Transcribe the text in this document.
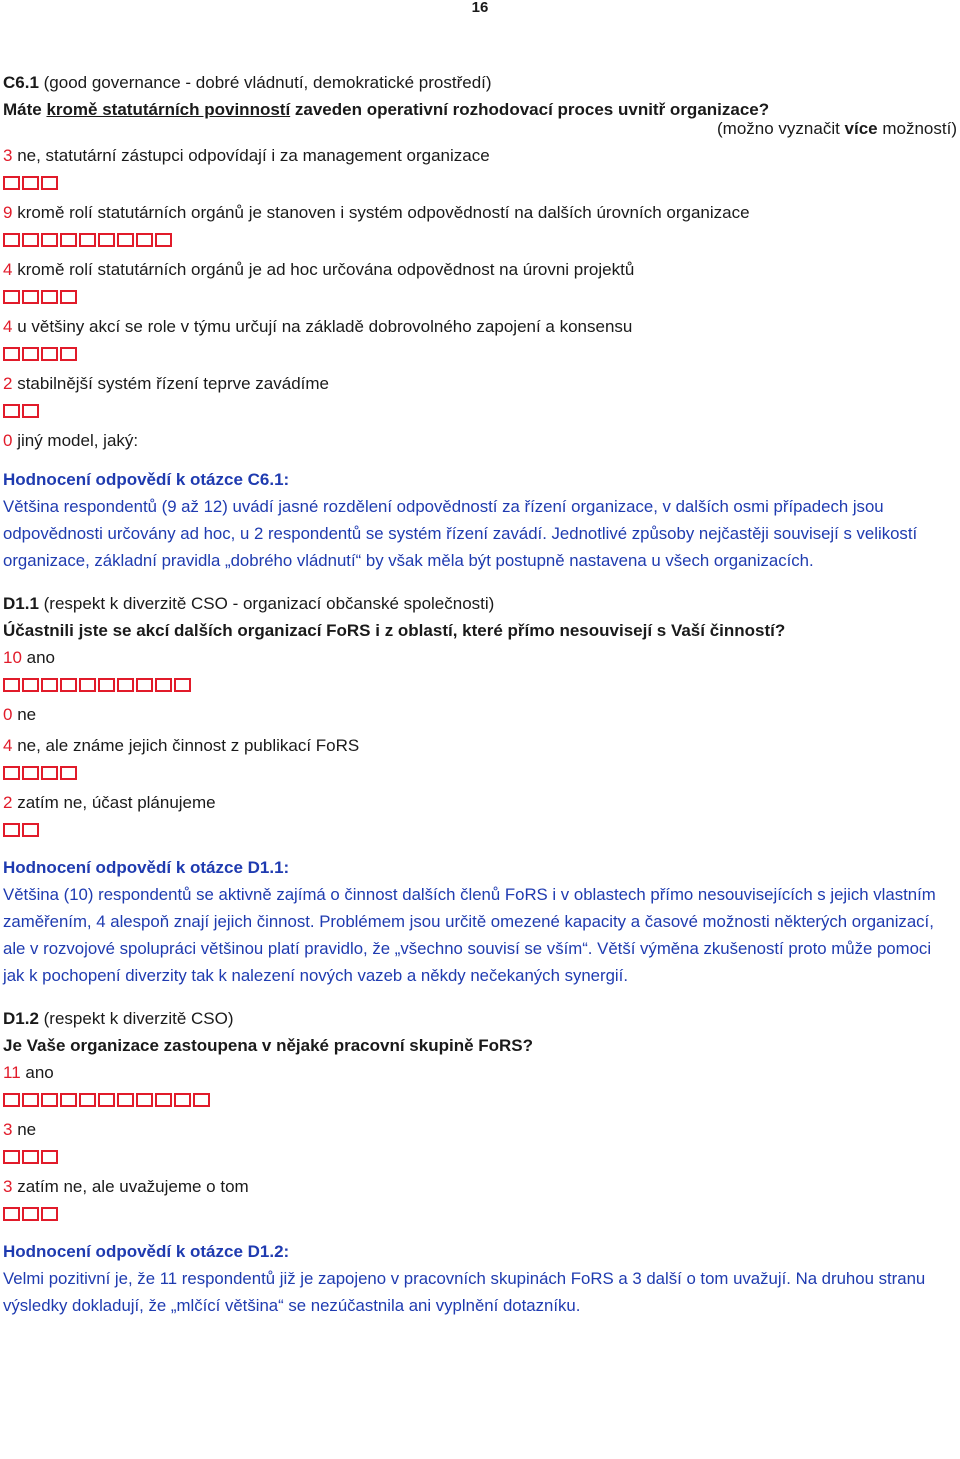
16
C6.1 (good governance - dobré vládnutí, demokratické prostředí)
Máte kromě statutárních povinností zaveden operativní rozhodovací proces uvnitř organizace?
(možno vyznačit více možností)
3 ne, statutární zástupci odpovídají i za management organizace
9 kromě rolí statutárních orgánů je stanoven i systém odpovědností na dalších úrovních organizace
4 kromě rolí statutárních orgánů je ad hoc určována odpovědnost na úrovni projektů
4 u většiny akcí se role v týmu určují na základě dobrovolného zapojení a konsensu
2 stabilnější systém řízení teprve zavádíme
0 jiný model, jaký:
Hodnocení odpovědí k otázce C6.1:
Většina respondentů (9 až 12) uvádí jasné rozdělení odpovědností za řízení organizace, v dalších osmi případech jsou odpovědnosti určovány ad hoc, u 2 respondentů se systém řízení zavádí. Jednotlivé způsoby nejčastěji souvisejí s velikostí organizace, základní pravidla „dobrého vládnutí“ by však měla být postupně nastavena u všech organizacích.
D1.1 (respekt k diverzitě CSO - organizací občanské společnosti)
Účastnili jste se akcí dalších organizací FoRS i z oblastí, které přímo nesouvisejí s Vaší činností?
10 ano
0 ne
4 ne, ale známe jejich činnost z publikací FoRS
2 zatím ne, účast plánujeme
Hodnocení odpovědí k otázce D1.1:
Většina (10) respondentů se aktivně zajímá o činnost dalších členů FoRS i v oblastech přímo nesouvisejících s jejich vlastním zaměřením, 4 alespoň znají jejich činnost. Problémem jsou určitě omezené kapacity a časové možnosti některých organizací, ale v rozvojové spolupráci většinou platí pravidlo, že „všechno souvisí se vším“. Větší výměna zkušeností proto může pomoci jak k pochopení diverzity tak k nalezení nových vazeb a někdy nečekaných synergií.
D1.2 (respekt k diverzitě CSO)
Je Vaše organizace zastoupena v nějaké pracovní skupině FoRS?
11 ano
3 ne
3 zatím ne, ale uvažujeme o tom
Hodnocení odpovědí k otázce D1.2:
Velmi pozitivní je, že 11 respondentů již je zapojeno v pracovních skupinách FoRS a 3 další o tom uvažují. Na druhou stranu výsledky dokladují, že „mlčící většina“ se nezúčastnila ani vyplnění dotazníku.
